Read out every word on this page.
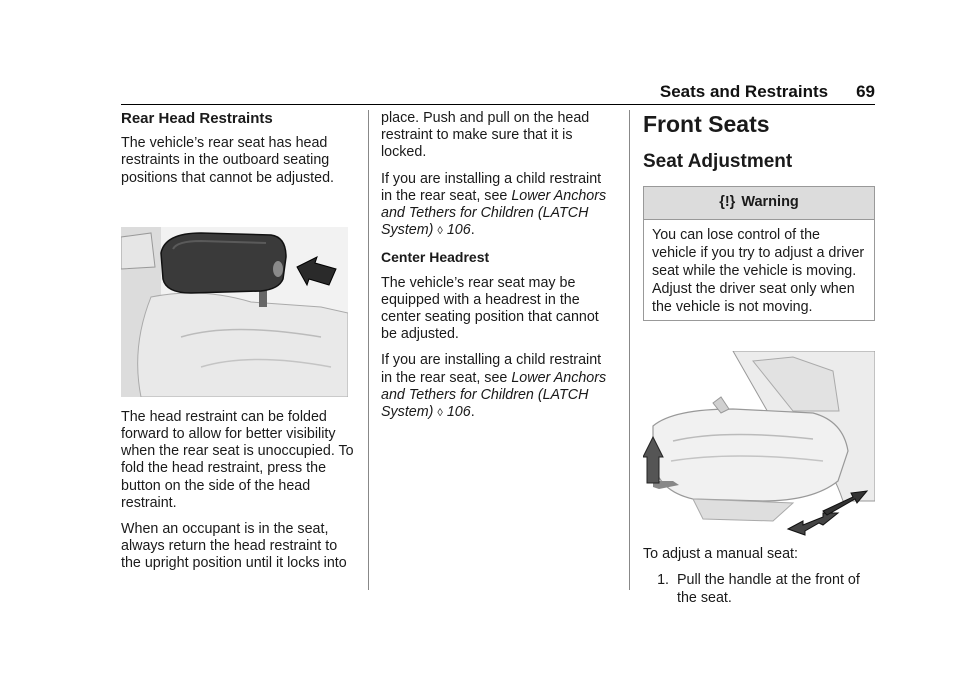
Seats and Restraints 69
Rear Head Restraints

The vehicle’s rear seat has head restraints in the outboard seating positions that cannot be adjusted.

The head restraint can be folded forward to allow for better visibility when the rear seat is unoccupied. To fold the head restraint, press the button on the side of the head restraint.

When an occupant is in the seat, always return the head restraint to the upright position until it locks into

place. Push and pull on the head restraint to make sure that it is locked.

If you are installing a child restraint in the rear seat, see Lower Anchors and Tethers for Children (LATCH System) ◊ 106.

Center Headrest

The vehicle’s rear seat may be equipped with a headrest in the center seating position that cannot be adjusted.

If you are installing a child restraint in the rear seat, see Lower Anchors and Tethers for Children (LATCH System) ◊ 106.

Front Seats
Seat Adjustment
{!} Warning
You can lose control of the vehicle if you try to adjust a driver seat while the vehicle is moving. Adjust the driver seat only when the vehicle is not moving.

To adjust a manual seat:

1. Pull the handle at the front of the seat.
